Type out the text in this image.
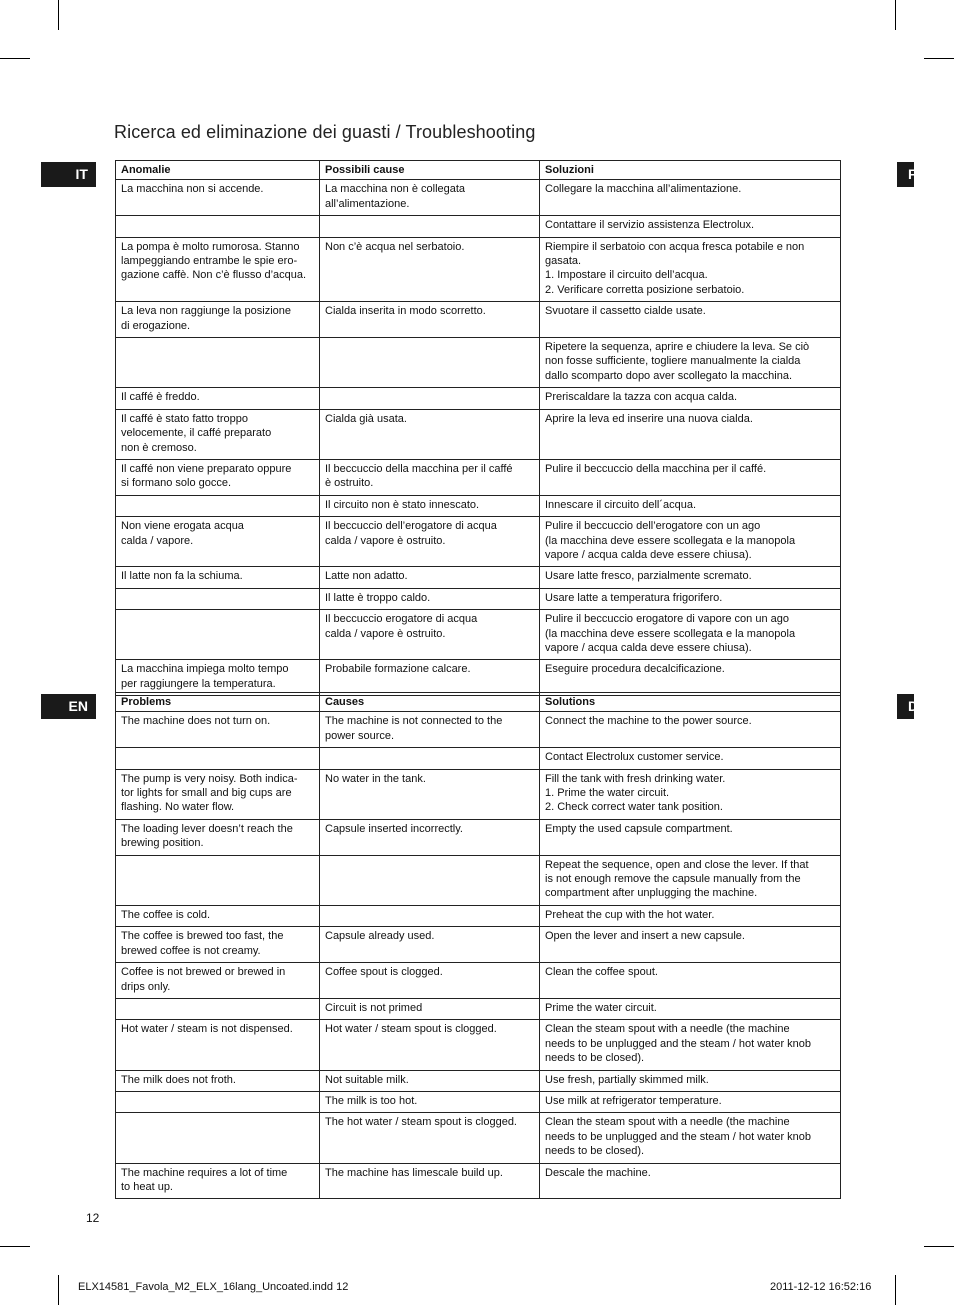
Ricerca ed eliminazione dei guasti / Troubleshooting
IT
EN
F
D
Anomalie	Possibili cause	Soluzioni

La macchina non si accende.	La macchina non è collegata
all’alimentazione.	Collegare la macchina all’alimentazione.

		Contattare il servizio assistenza Electrolux.

La pompa è molto rumorosa. Stanno
lampeggiando entrambe le spie ero-
gazione caffè. Non c’è flusso d’acqua.	Non c’è acqua nel serbatoio.	Riempire il serbatoio con acqua fresca potabile e non
gasata.
1. Impostare il circuito dell’acqua.
2. Verificare corretta posizione serbatoio.

La leva non raggiunge la posizione
di erogazione.	Cialda inserita in modo scorretto.	Svuotare il cassetto cialde usate.

		Ripetere la sequenza, aprire e chiudere la leva. Se ciò
non fosse sufficiente, togliere manualmente la cialda
dallo scomparto dopo aver scollegato la macchina.

Il caffé è freddo.		Preriscaldare la tazza con acqua calda.

Il caffé è stato fatto troppo
velocemente, il caffé preparato
non è cremoso.	Cialda già usata.	Aprire la leva ed inserire una nuova cialda.

Il caffé non viene preparato oppure
si formano solo gocce.	Il beccuccio della macchina per il caffé
è ostruito.	Pulire il beccuccio della macchina per il caffé.

	Il circuito non è stato innescato.	Innescare il circuito dell´acqua.

Non viene erogata acqua
calda / vapore.	Il beccuccio dell’erogatore di acqua
calda / vapore è ostruito.	Pulire il beccuccio dell’erogatore con un ago
(la macchina deve essere scollegata e la manopola
vapore / acqua calda deve essere chiusa).

Il latte non fa la schiuma.	Latte non adatto.	Usare latte fresco, parzialmente scremato.

	Il latte è troppo caldo.	Usare latte a temperatura frigorifero.

	Il beccuccio erogatore di acqua
calda / vapore è ostruito.	Pulire il beccuccio erogatore di vapore con un ago
(la macchina deve essere scollegata e la manopola
vapore / acqua calda deve essere chiusa).

La macchina impiega molto tempo
per raggiungere la temperatura.	Probabile formazione calcare.	Eseguire procedura decalcificazione.
Problems	Causes	Solutions

The machine does not turn on.	The machine is not connected to the
power source.	Connect the machine to the power source.

		Contact Electrolux customer service.

The pump is very noisy. Both indica-
tor lights for small and big cups are
flashing. No water flow.	No water in the tank.	Fill the tank with fresh drinking water.
1. Prime the water circuit.
2. Check correct water tank position.

The loading lever doesn’t reach the
brewing position.	Capsule inserted incorrectly.	Empty the used capsule compartment.

		Repeat the sequence, open and close the lever. If that
is not enough remove the capsule manually from the
compartment after unplugging the machine.

The coffee is cold.		Preheat the cup with the hot water.

The coffee is brewed too fast, the
brewed coffee is not creamy.	Capsule already used.	Open the lever and insert a new capsule.

Coffee is not brewed or brewed in
drips only.	Coffee spout is clogged.	Clean the coffee spout.

	Circuit is not primed	Prime the water circuit.

Hot water / steam is not dispensed.	Hot water / steam spout is clogged.	Clean the steam spout with a needle (the machine
needs to be unplugged and the steam / hot water knob
needs to be closed).

The milk does not froth.	Not suitable milk.	Use fresh, partially skimmed milk.

	The milk is too hot.	Use milk at refrigerator temperature.

	The hot water / steam spout is clogged.	Clean the steam spout with a needle (the machine
needs to be unplugged and the steam / hot water knob
needs to be closed).

The machine requires a lot of time
to heat up.	The machine has limescale build up.	Descale the machine.
12
ELX14581_Favola_M2_ELX_16lang_Uncoated.indd 12	2011-12-12 16:52:16
